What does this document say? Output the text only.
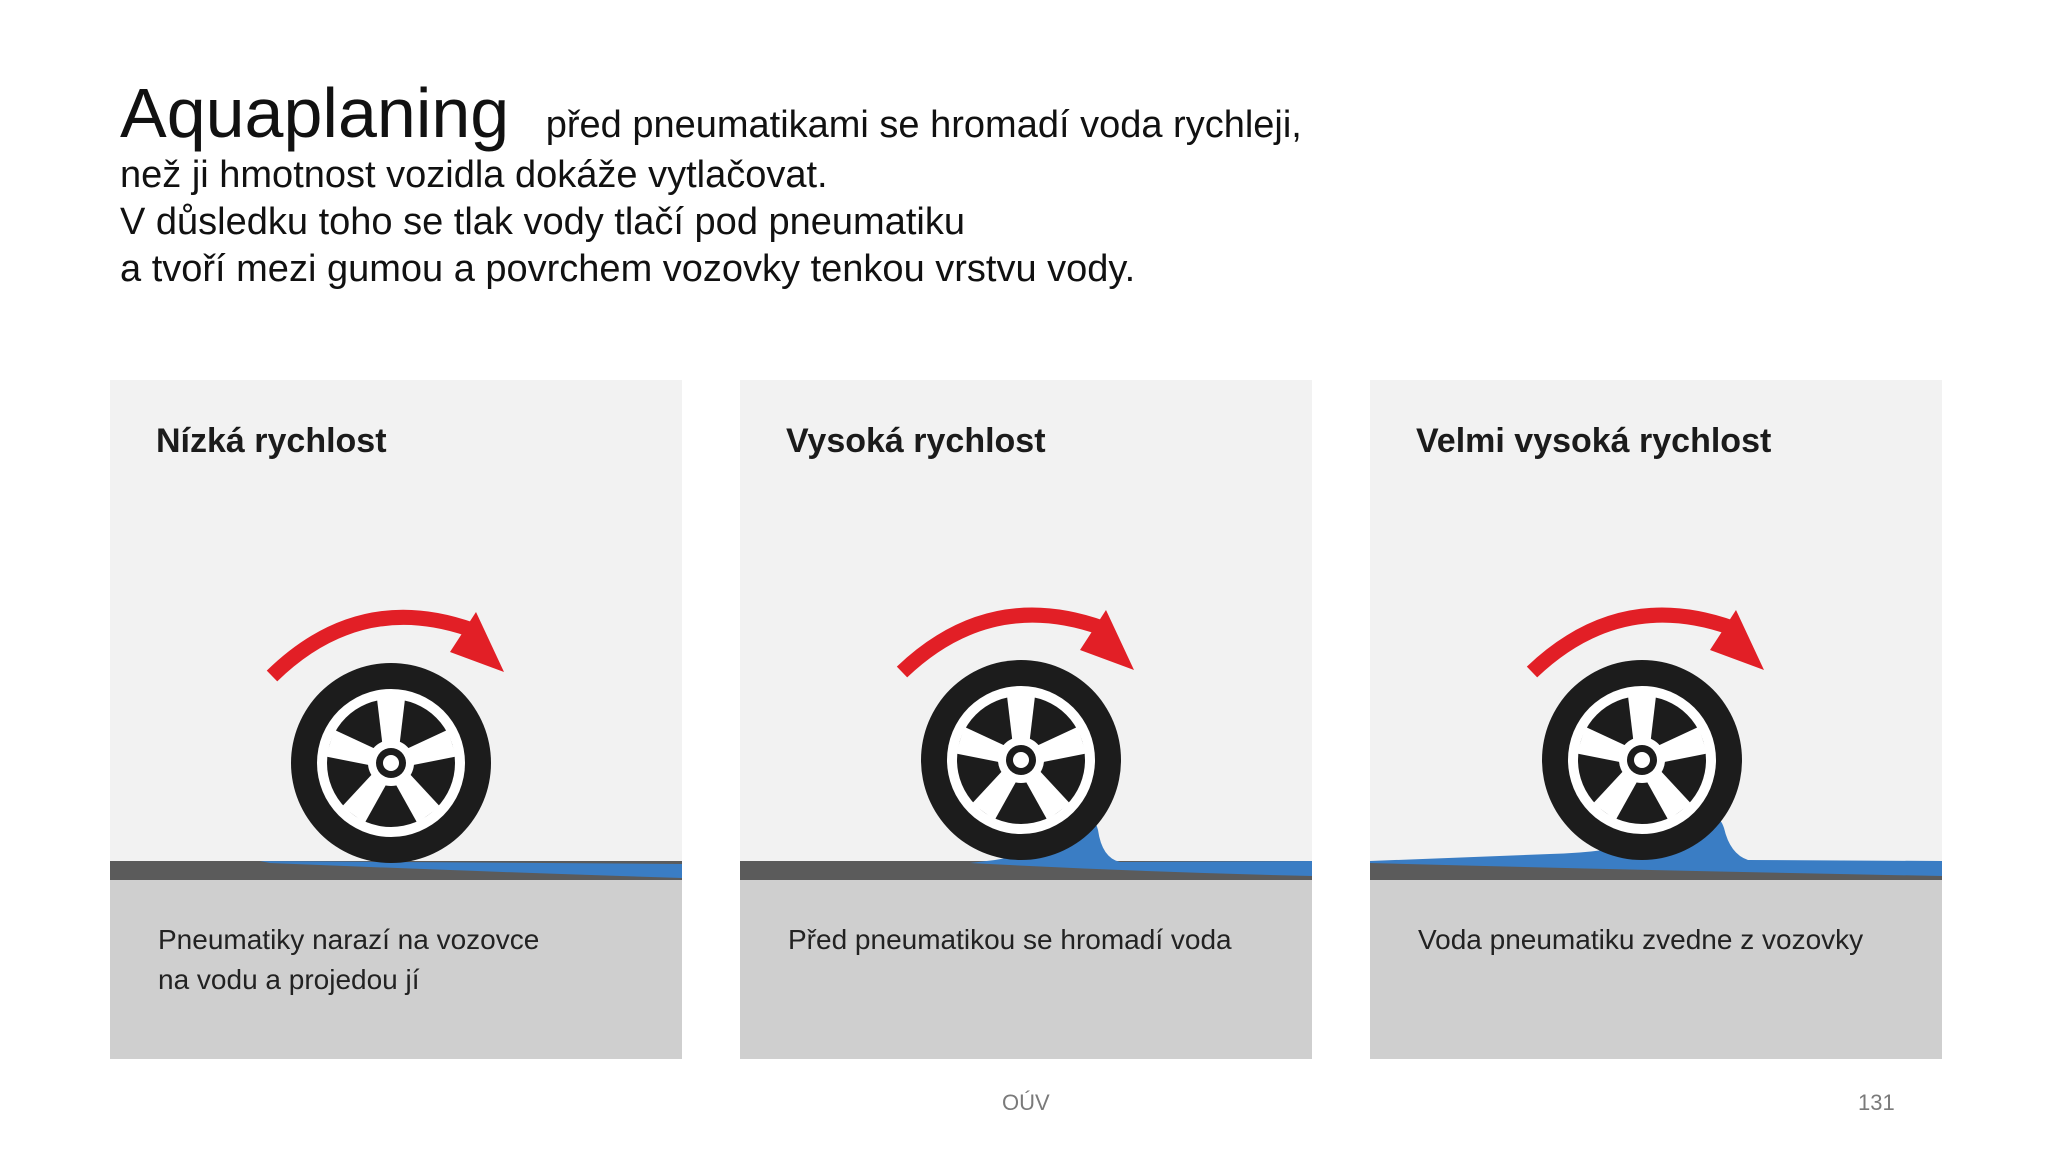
Aquaplaning před pneumatikami se hromadí voda rychleji,

než ji hmotnost vozidla dokáže vytlačovat.

V důsledku toho se tlak vody tlačí pod pneumatiku

a tvoří mezi gumou a povrchem vozovky tenkou vrstvu vody.

Nízká rychlost
Pneumatiky narazí na vozovce
na vodu a projedou jí
Vysoká rychlost
Před pneumatikou se hromadí voda
Velmi vysoká rychlost
Voda pneumatiku zvedne z vozovky
OÚV	131
